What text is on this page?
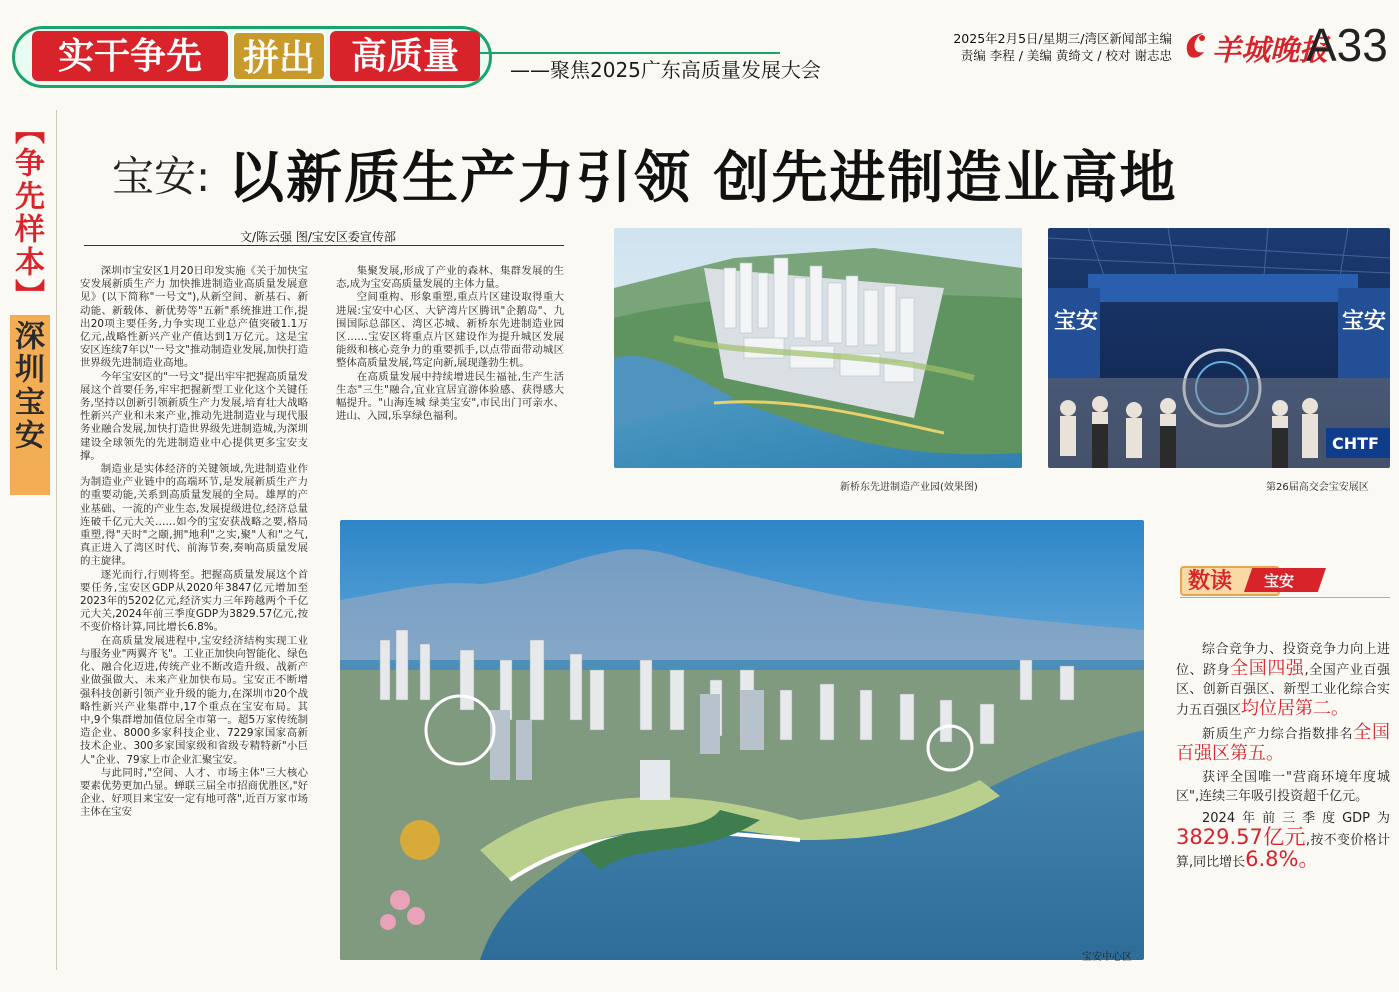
实干争先	拼出 高质量	——聚焦2025广东高质量发展大会
2025年2月5日/星期三/湾区新闻部主编
责编 李程 / 美编 黄绮文 / 校对 谢志忠 羊城晚报
A33
【争先样本】
深圳宝安
宝安: 以新质生产力引领 创先进制造业高地
文/陈云强 图/宝安区委宣传部

深圳市宝安区1月20日印发实施《关于加快宝安发展新质生产力 加快推进制造业高质量发展意见》(以下简称"一号文"),从新空间、新基石、新动能、新载体、新优势等"五新"系统推进工作,提出20项主要任务,力争实现工业总产值突破1.1万亿元,战略性新兴产业产值达到1万亿元。这是宝安区连续7年以"一号文"推动制造业发展,加快打造世界级先进制造业高地。

今年宝安区的"一号文"提出牢牢把握高质量发展这个首要任务,牢牢把握新型工业化这个关键任务,坚持以创新引领新质生产力发展,培育壮大战略性新兴产业和未来产业,推动先进制造业与现代服务业融合发展,加快打造世界级先进制造城,为深圳建设全球领先的先进制造业中心提供更多宝安支撑。

制造业是实体经济的关键领域,先进制造业作为制造业产业链中的高端环节,是发展新质生产力的重要动能,关系到高质量发展的全局。雄厚的产业基础、一流的产业生态,发展提级进位,经济总量连破千亿元大关……如今的宝安获战略之要,格局重塑,得"天时"之颐,拥"地利"之实,聚"人和"之气,真正进入了湾区时代、前海节奏,奏响高质量发展的主旋律。

逐光而行,行则将至。把握高质量发展这个首要任务,宝安区GDP从2020年3847亿元增加至2023年的5202亿元,经济实力三年跨越两个千亿元大关,2024年前三季度GDP为3829.57亿元,按不变价格计算,同比增长6.8%。

在高质量发展进程中,宝安经济结构实现工业与服务业"两翼齐飞"。工业正加快向智能化、绿色化、融合化迈进,传统产业不断改造升级、战新产业做强做大、未来产业加快布局。宝安正不断增强科技创新引领产业升级的能力,在深圳市20个战略性新兴产业集群中,17个重点在宝安布局。其中,9个集群增加值位居全市第一。超5万家传统制造企业、8000多家科技企业、7229家国家高新技术企业、300多家国家级和省级专精特新"小巨人"企业、79家上市企业汇聚宝安。

与此同时,"空间、人才、市场主体"三大核心要素优势更加凸显。蝉联三届全市招商优胜区,"好企业、好项目来宝安一定有地可落",近百万家市场主体在宝安

集聚发展,形成了产业的森林、集群发展的生态,成为宝安高质量发展的主体力量。

空间重构、形象重塑,重点片区建设取得重大进展:宝安中心区、大铲湾片区腾讯"企鹅岛"、九围国际总部区、湾区芯城、新桥东先进制造业园区……宝安区将重点片区建设作为提升城区发展能级和核心竞争力的重要抓手,以点带面带动城区整体高质量发展,笃定向新,展现蓬勃生机。

在高质量发展中持续增进民生福祉,生产生活生态"三生"融合,宜业宜居宜游体验感、获得感大幅提升。"山海连城 绿美宝安",市民出门可亲水、进山、入园,乐享绿色福利。

新桥东先进制造产业园(效果图)
宝安	宝安
CHTF
第26届高交会宝安展区
宝安中心区
数读 宝安

综合竞争力、投资竞争力向上进位、跻身全国四强,全国产业百强区、创新百强区、新型工业化综合实力五百强区均位居第二。

新质生产力综合指数排名全国百强区第五。

获评全国唯一"营商环境年度城区",连续三年吸引投资超千亿元。

2024年前三季度GDP为3829.57亿元,按不变价格计算,同比增长6.8%。
